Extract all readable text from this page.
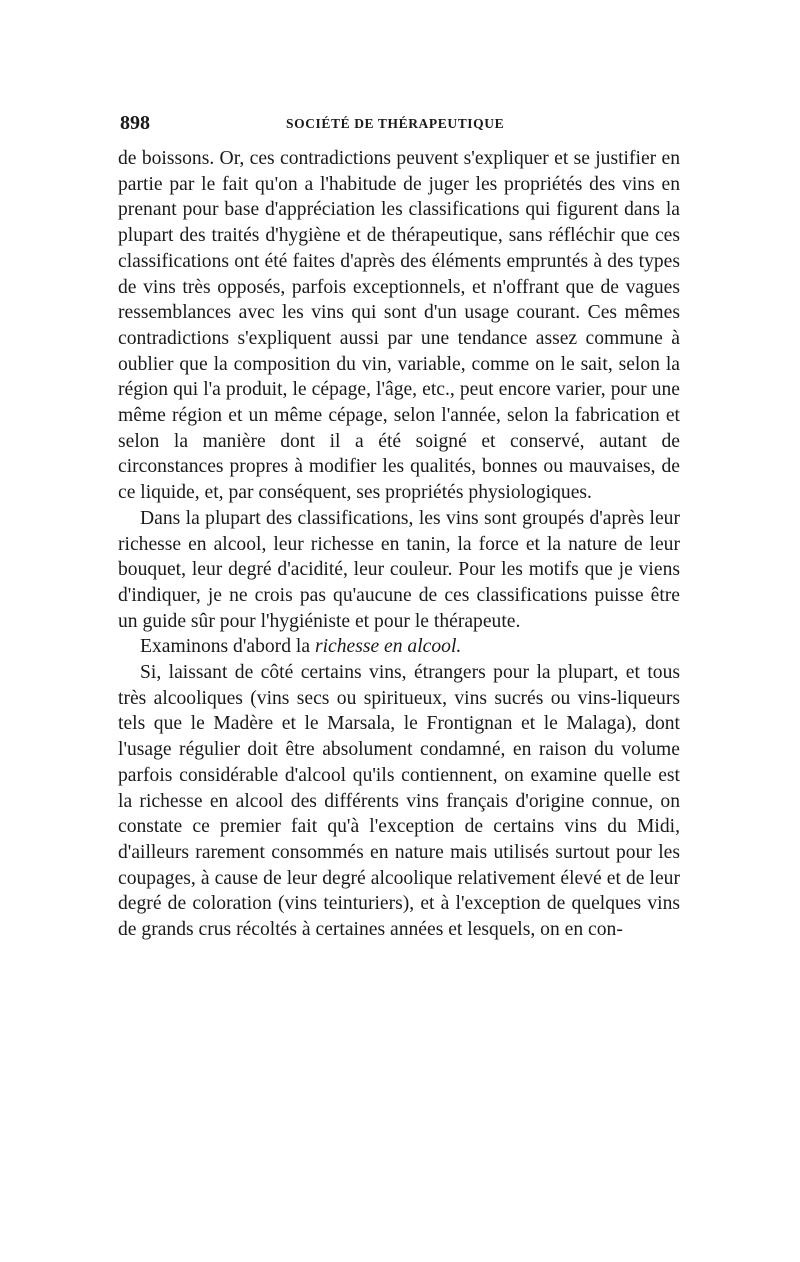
898	SOCIÉTÉ DE THÉRAPEUTIQUE

de boissons. Or, ces contradictions peuvent s'expliquer et se justifier en partie par le fait qu'on a l'habitude de juger les propriétés des vins en prenant pour base d'appréciation les classifications qui figurent dans la plupart des traités d'hygiène et de thérapeutique, sans réfléchir que ces classifications ont été faites d'après des éléments empruntés à des types de vins très opposés, parfois exceptionnels, et n'offrant que de vagues ressemblances avec les vins qui sont d'un usage courant. Ces mêmes contradictions s'expliquent aussi par une tendance assez commune à oublier que la composition du vin, variable, comme on le sait, selon la région qui l'a produit, le cépage, l'âge, etc., peut encore varier, pour une même région et un même cépage, selon l'année, selon la fabrication et selon la manière dont il a été soigné et conservé, autant de circonstances propres à modifier les qualités, bonnes ou mauvaises, de ce liquide, et, par conséquent, ses propriétés physiologiques.

Dans la plupart des classifications, les vins sont groupés d'après leur richesse en alcool, leur richesse en tanin, la force et la nature de leur bouquet, leur degré d'acidité, leur couleur. Pour les motifs que je viens d'indiquer, je ne crois pas qu'aucune de ces classifications puisse être un guide sûr pour l'hygiéniste et pour le thérapeute.

Examinons d'abord la richesse en alcool.

Si, laissant de côté certains vins, étrangers pour la plupart, et tous très alcooliques (vins secs ou spiritueux, vins sucrés ou vins-liqueurs tels que le Madère et le Marsala, le Frontignan et le Malaga), dont l'usage régulier doit être absolument condamné, en raison du volume parfois considérable d'alcool qu'ils contiennent, on examine quelle est la richesse en alcool des différents vins français d'origine connue, on constate ce premier fait qu'à l'exception de certains vins du Midi, d'ailleurs rarement consommés en nature mais utilisés surtout pour les coupages, à cause de leur degré alcoolique relativement élevé et de leur degré de coloration (vins teinturiers), et à l'exception de quelques vins de grands crus récoltés à certaines années et lesquels, on en con-
